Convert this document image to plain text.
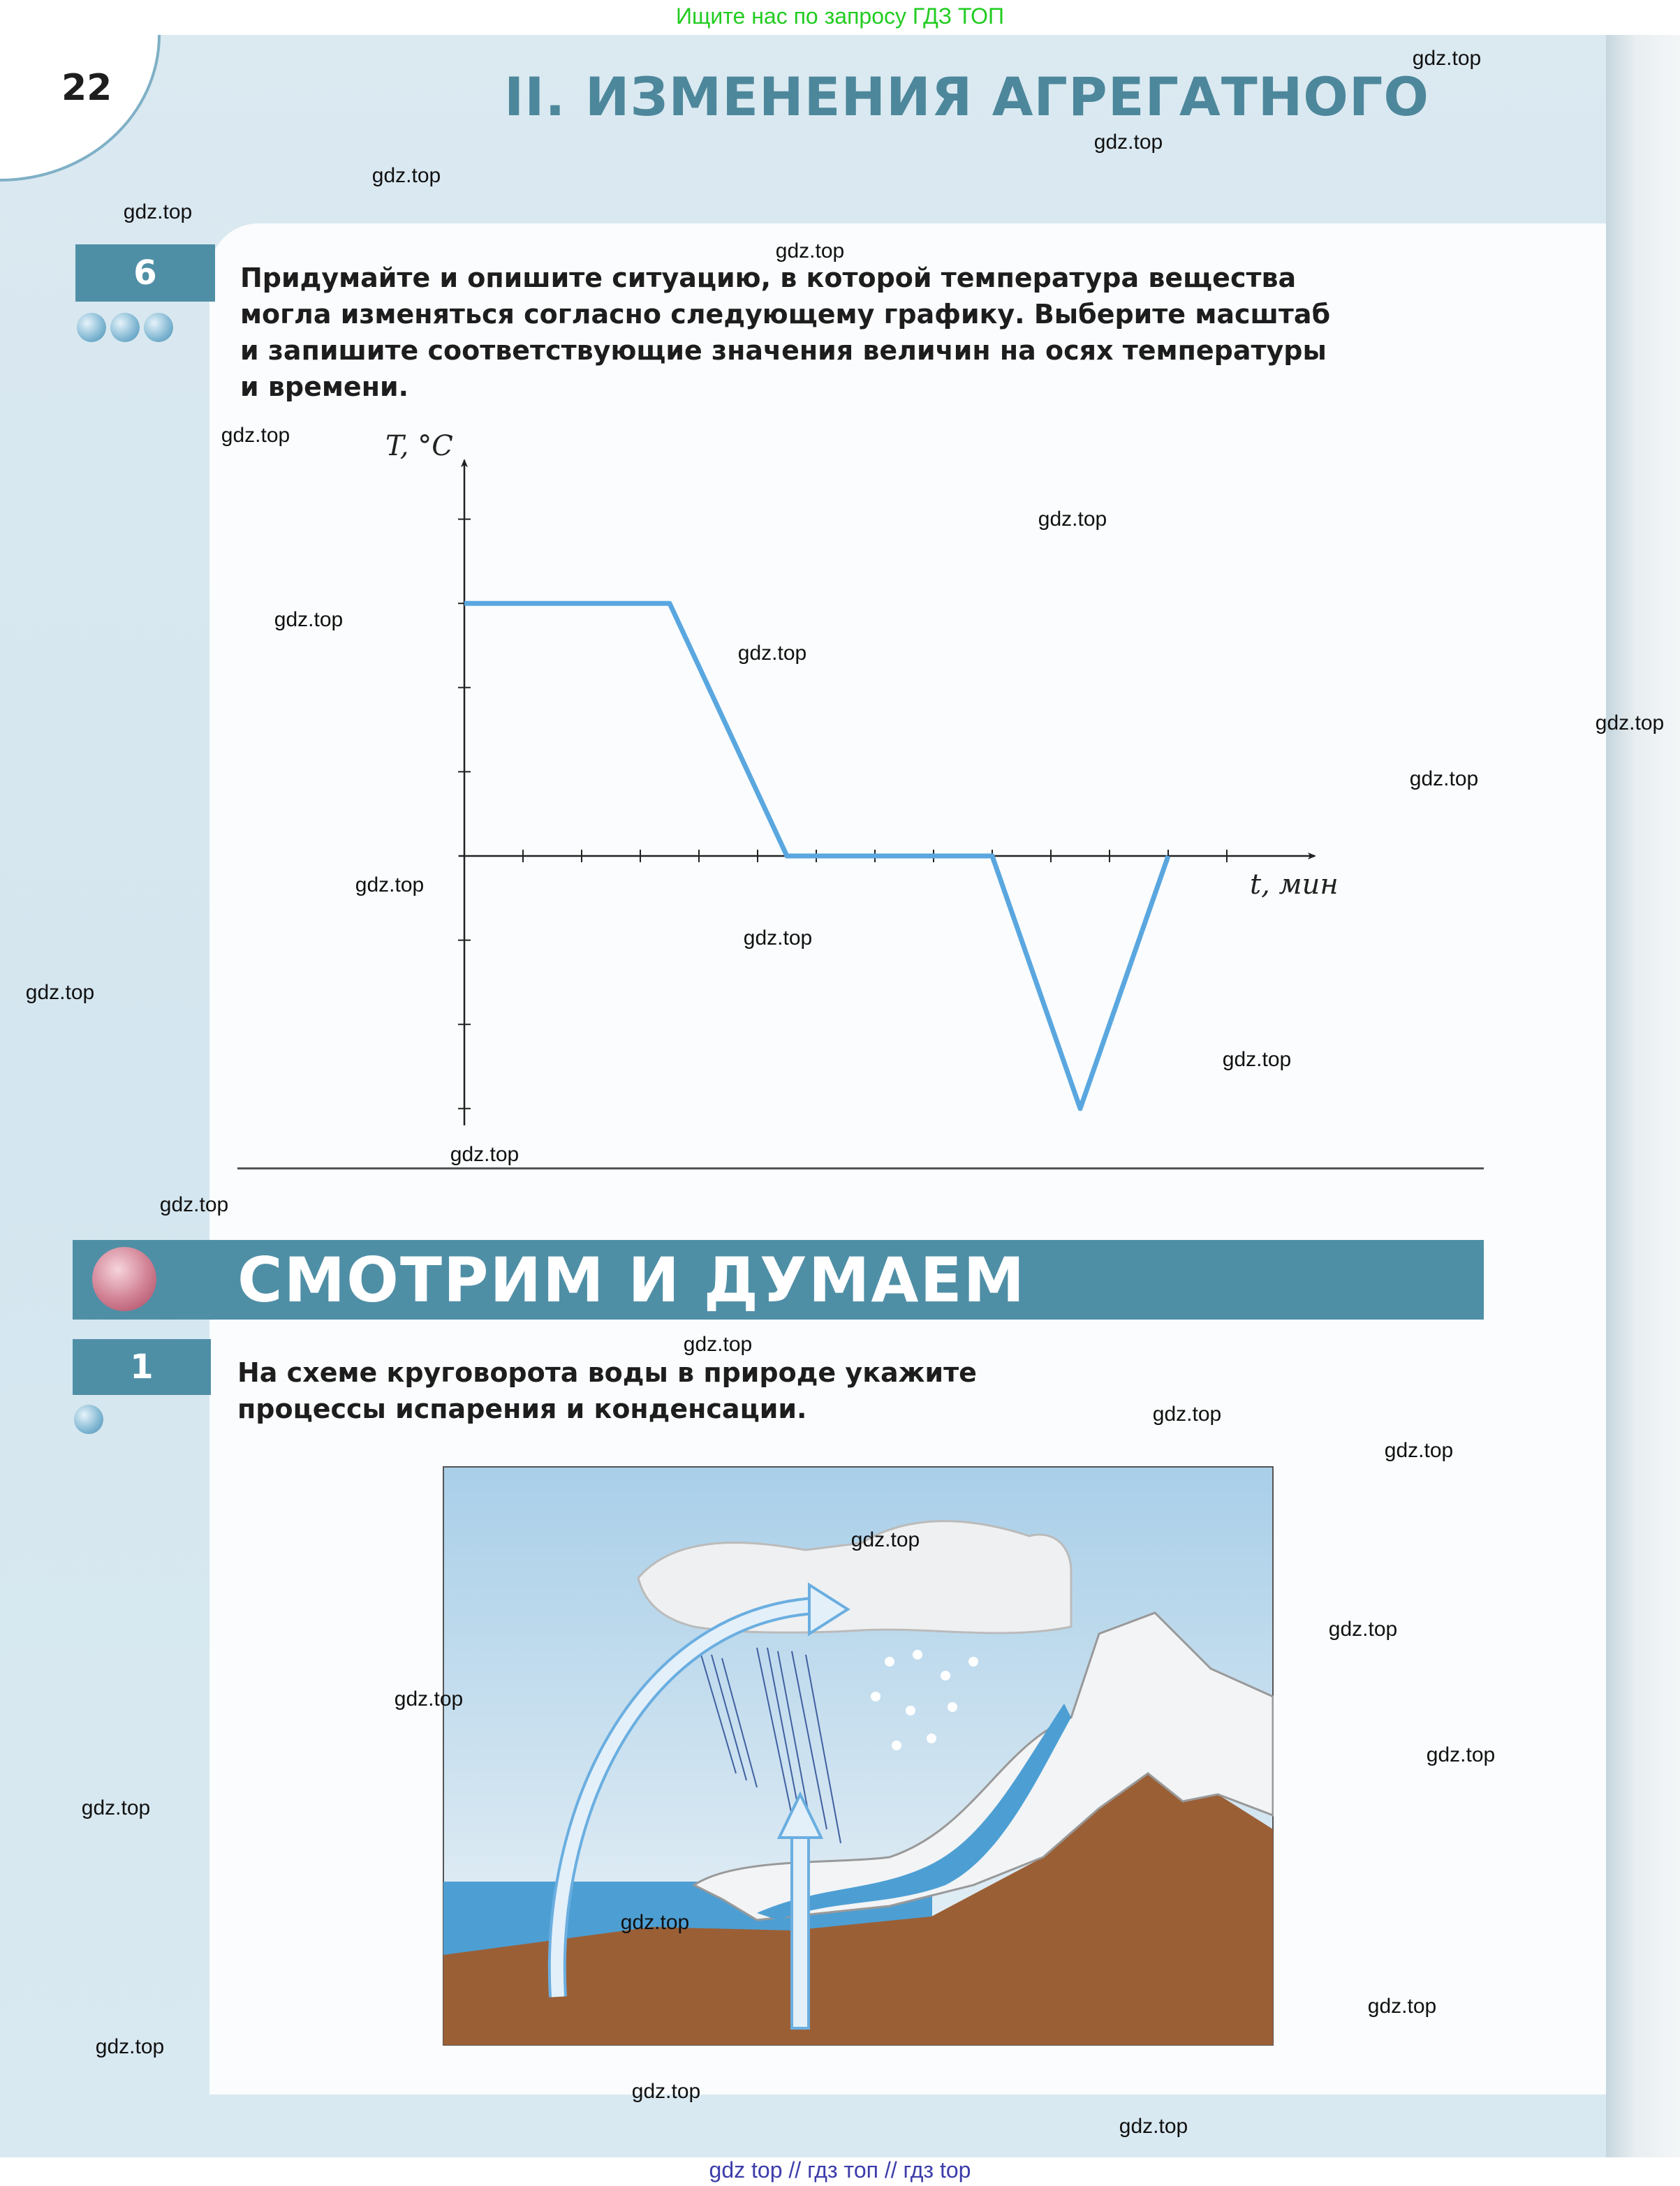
Ищите нас по запросу ГДЗ ТОП
22	II. ИЗМЕНЕНИЯ АГРЕГАТНОГО
6	Придумайте и опишите ситуацию, в которой температура вещества
могла изменяться согласно следующему графику. Выберите масштаб
и запишите соответствующие значения величин на осях температуры
и времени.
T, °C
t, мин
СМОТРИМ И ДУМАЕМ
1	На схеме круговорота воды в природе укажите
процессы испарения и конденсации.
gdz.top
gdz.top
gdz.top
gdz.top
gdz.top
gdz.top
gdz.top
gdz.top
gdz.top
gdz.top
gdz.top
gdz.top
gdz.top
gdz.top
gdz.top
gdz.top
gdz.top
gdz.top
gdz.top
gdz.top
gdz.top
gdz.top
gdz.top
gdz.top
gdz.top
gdz.top
gdz.top
gdz.top
gdz.top
gdz.top
gdz top // гдз топ // гдз top
